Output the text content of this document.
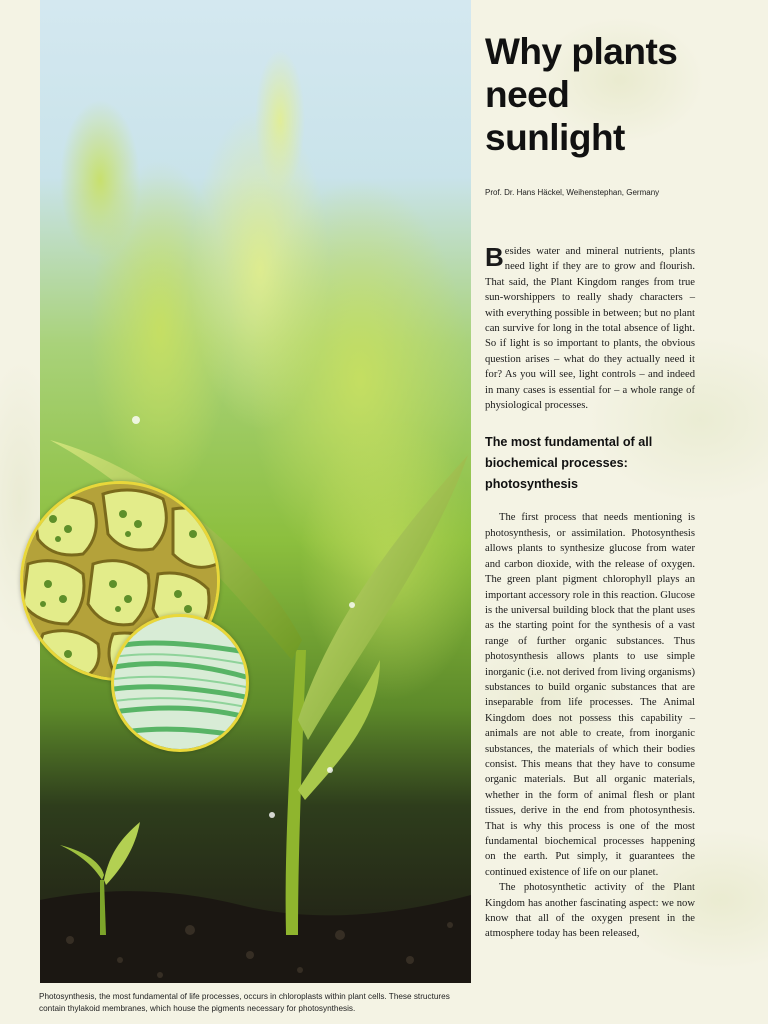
Photosynthesis, the most fundamental of life processes, occurs in chloroplasts within plant cells. These structures contain thylakoid membranes, which house the pigments necessary for photosynthesis.
Why plants need sunlight
Prof. Dr. Hans Häckel, Weihenstephan, Germany

Besides water and mineral nutrients, plants need light if they are to grow and flourish. That said, the Plant Kingdom ranges from true sun-worshippers to really shady characters – with everything possible in between; but no plant can survive for long in the total absence of light. So if light is so important to plants, the obvious question arises – what do they actually need it for? As you will see, light controls – and indeed in many cases is essential for – a whole range of physiological processes.

The most fundamental of all biochemical processes: photosynthesis

The first process that needs mentioning is photosynthesis, or assimilation. Photosynthesis allows plants to synthesize glucose from water and carbon dioxide, with the release of oxygen. The green plant pigment chlorophyll plays an important accessory role in this reaction. Glucose is the universal building block that the plant uses as the starting point for the synthesis of a vast range of further organic substances. Thus photosynthesis allows plants to use simple inorganic (i.e. not derived from living organisms) substances to build organic substances that are inseparable from life processes. The Animal Kingdom does not possess this capability – animals are not able to create, from inorganic substances, the materials of which their bodies consist. This means that they have to consume organic materials. But all organic materials, whether in the form of animal flesh or plant tissues, derive in the end from photosynthesis. That is why this process is one of the most fundamental biochemical processes happening on the earth. Put simply, it guarantees the continued existence of life on our planet.

The photosynthetic activity of the Plant Kingdom has another fascinating aspect: we now know that all of the oxygen present in the atmosphere today has been released,
